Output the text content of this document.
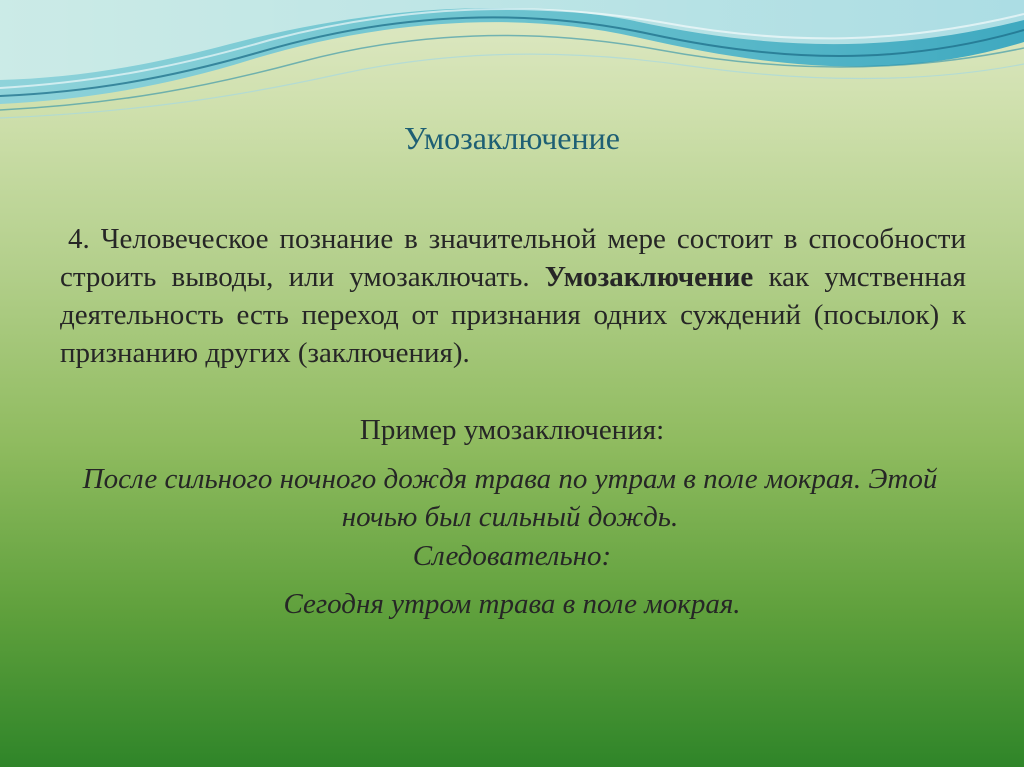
Умозаключение
4. Человеческое познание в значительной мере состоит в способности строить выводы, или умозаключать. Умозаключение как умственная деятельность есть переход от признания одних суждений (посылок) к признанию других (заключения).
Пример умозаключения:
После сильного ночного дождя трава по утрам в поле мокрая. Этой ночью был сильный дождь.
Следовательно:
Сегодня утром трава в поле мокрая.
